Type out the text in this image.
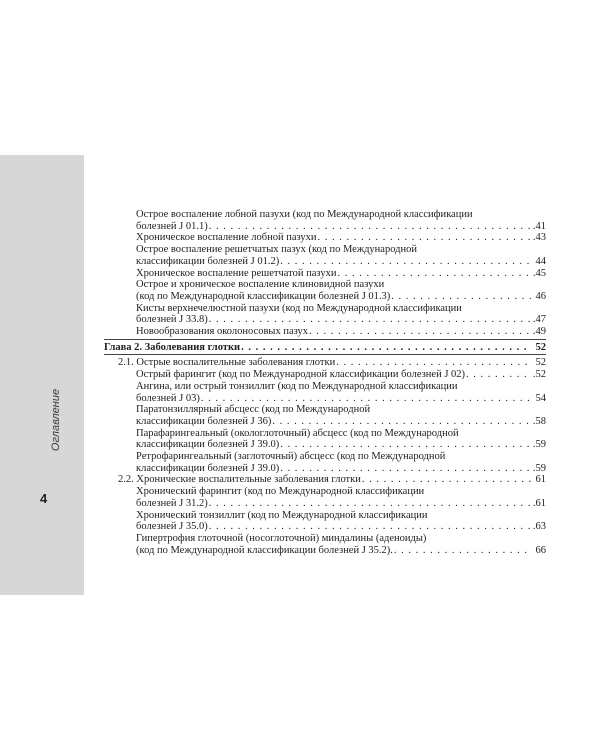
Оглавление
4
Острое воспаление лобной пазухи (код по Международной классификации
болезней J 01.1) . . .	.41
Хроническое воспаление лобной пазухи . . .	.43
Острое воспаление решетчатых пазух (код по Международной
классификации болезней J 01.2) . . .	44
Хроническое воспаление решетчатой пазухи . . .	.45
Острое и хроническое воспаление клиновидной пазухи
(код по Международной классификации болезней J 01.3) . . .	46
Кисты верхнечелюстной пазухи (код по Международной классификации
болезней J 33.8) . . .	.47
Новообразования околоносовых пазух . . .	.49
Глава 2. Заболевания глотки . . .	52
2.1. Острые воспалительные заболевания глотки . . .	52
Острый фарингит (код по Международной классификации болезней J 02) . . .	.52
Ангина, или острый тонзиллит (код по Международной классификации
болезней J 03) . . .	54
Паратонзиллярный абсцесс (код по Международной
классификации болезней J 36) . . .	.58
Парафарингеальный (окологлоточный) абсцесс (код по Международной
классификации болезней J 39.0) . . .	.59
Ретрофарингеальный (заглоточный) абсцесс (код по Международной
классификации болезней J 39.0) . . .	.59
2.2. Хронические воспалительные заболевания глотки . . .	61
Хронический фарингит (код по Международной классификации
болезней J 31.2) . . .	.61
Хронический тонзиллит (код по Международной классификации
болезней J 35.0) . . .	.63
Гипертрофия глоточной (носоглоточной) миндалины (аденоиды)
(код по Международной классификации болезней J 35.2). . . .	66
